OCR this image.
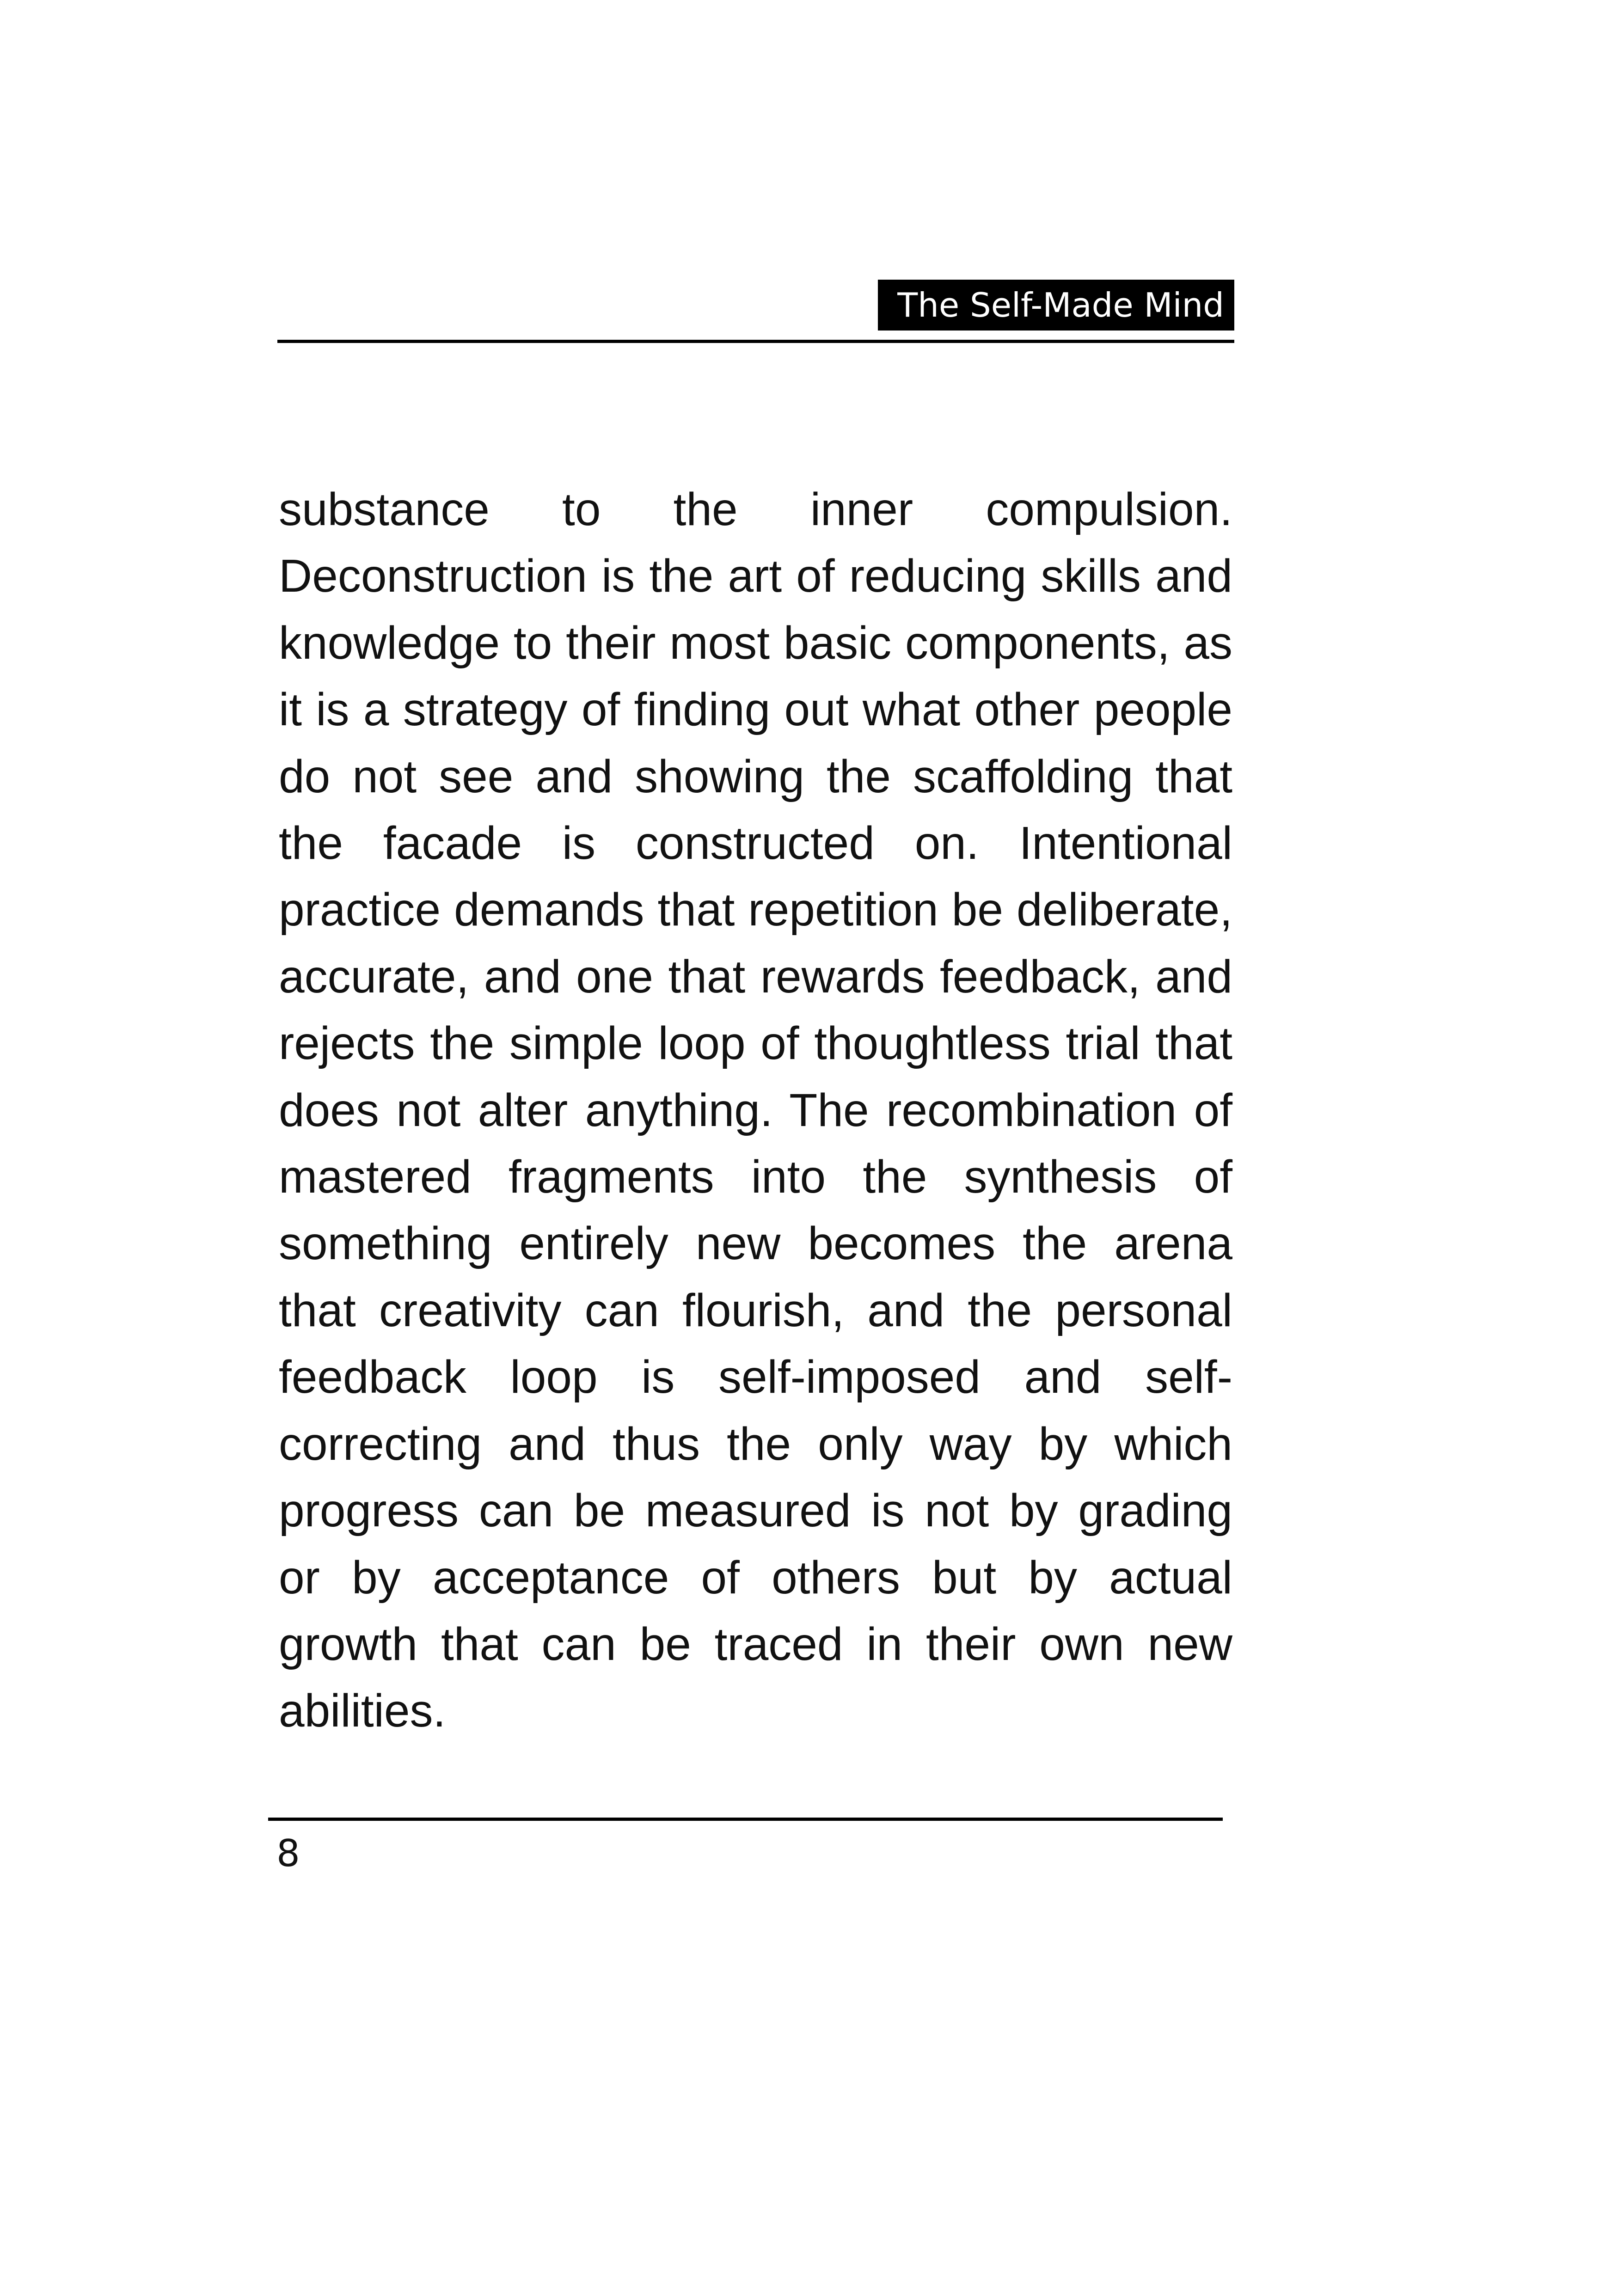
The Self-Made Mind

substance to the inner compulsion. Deconstruction is the art of reducing skills and knowledge to their most basic components, as it is a strategy of finding out what other people do not see and showing the scaffolding that the facade is constructed on. Intentional practice demands that repetition be deliberate, accurate, and one that rewards feedback, and rejects the simple loop of thoughtless trial that does not alter anything. The recombination of mastered fragments into the synthesis of something entirely new becomes the arena that creativity can flourish, and the personal feedback loop is self-imposed and self-correcting and thus the only way by which progress can be measured is not by grading or by acceptance of others but by actual growth that can be traced in their own new abilities.

8
